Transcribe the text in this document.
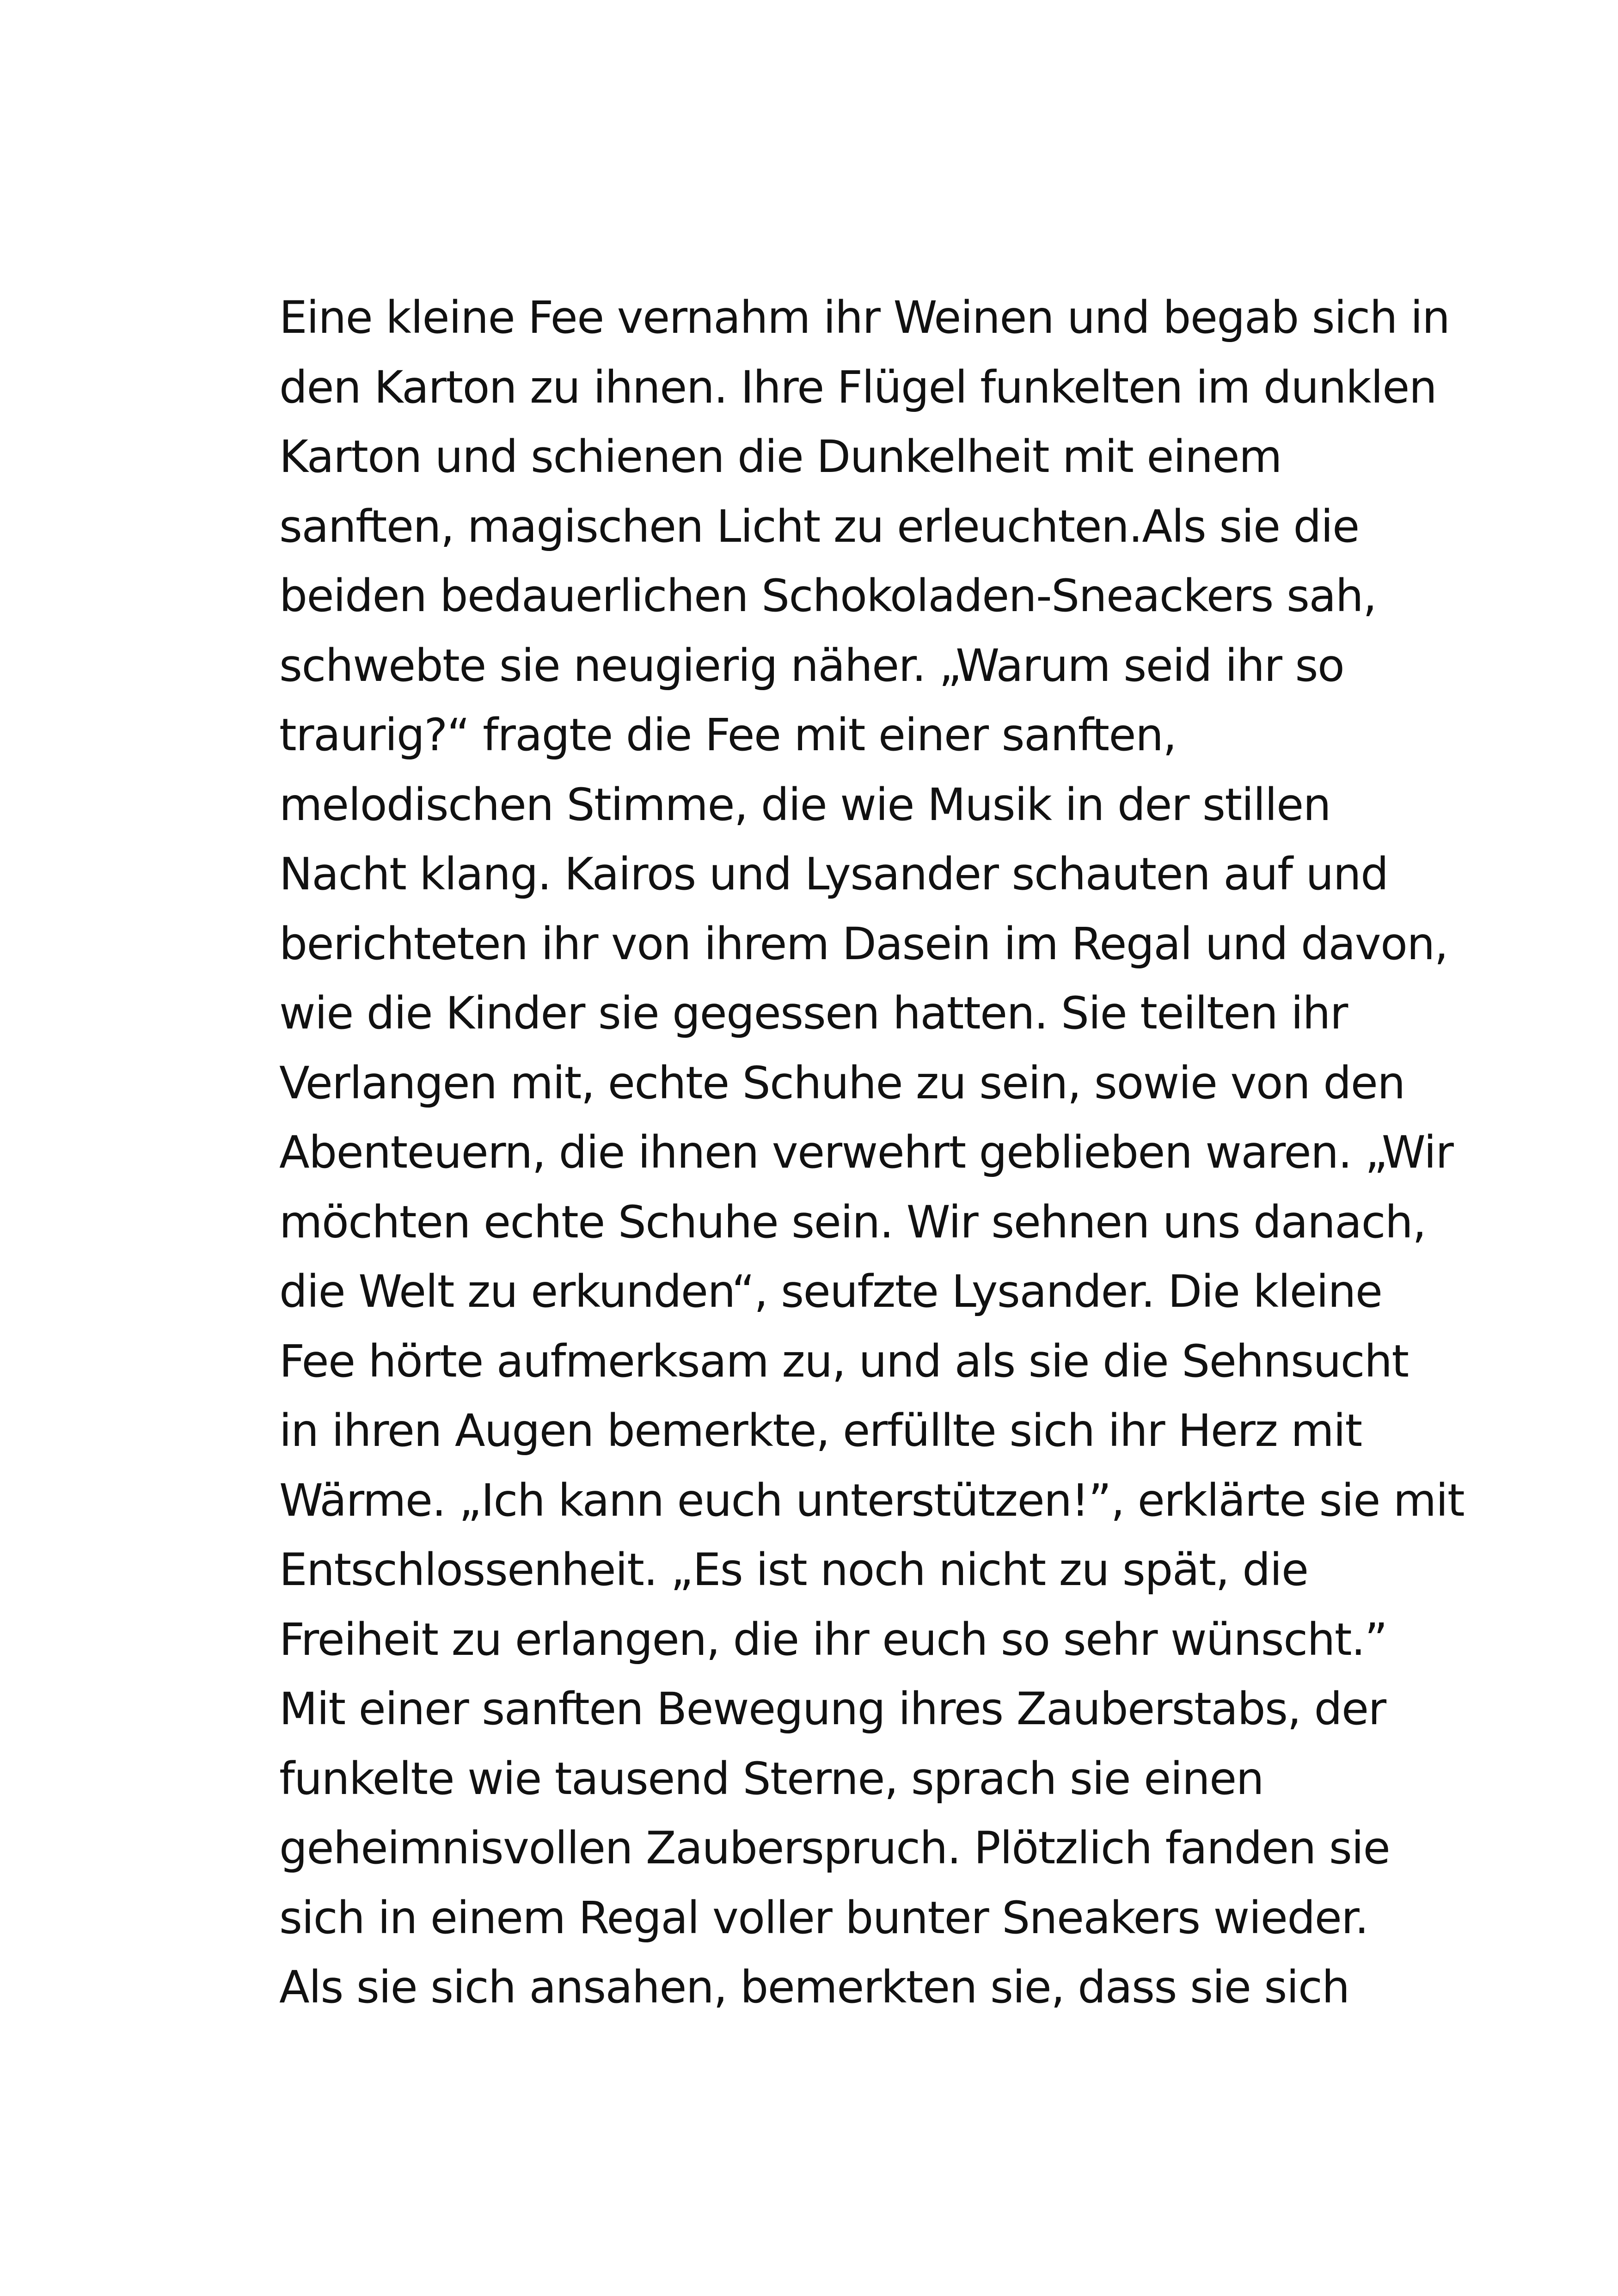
Eine kleine Fee vernahm ihr Weinen und begab sich in
den Karton zu ihnen. Ihre Flügel funkelten im dunklen
Karton und schienen die Dunkelheit mit einem
sanften, magischen Licht zu erleuchten.Als sie die
beiden bedauerlichen Schokoladen-Sneackers sah,
schwebte sie neugierig näher. „Warum seid ihr so
traurig?“ fragte die Fee mit einer sanften,
melodischen Stimme, die wie Musik in der stillen
Nacht klang. Kairos und Lysander schauten auf und
berichteten ihr von ihrem Dasein im Regal und davon,
wie die Kinder sie gegessen hatten. Sie teilten ihr
Verlangen mit, echte Schuhe zu sein, sowie von den
Abenteuern, die ihnen verwehrt geblieben waren. „Wir
möchten echte Schuhe sein. Wir sehnen uns danach,
die Welt zu erkunden“, seufzte Lysander. Die kleine
Fee hörte aufmerksam zu, und als sie die Sehnsucht
in ihren Augen bemerkte, erfüllte sich ihr Herz mit
Wärme. „Ich kann euch unterstützen!”, erklärte sie mit
Entschlossenheit. „Es ist noch nicht zu spät, die
Freiheit zu erlangen, die ihr euch so sehr wünscht.”
Mit einer sanften Bewegung ihres Zauberstabs, der
funkelte wie tausend Sterne, sprach sie einen
geheimnisvollen Zauberspruch. Plötzlich fanden sie
sich in einem Regal voller bunter Sneakers wieder.
Als sie sich ansahen, bemerkten sie, dass sie sich
